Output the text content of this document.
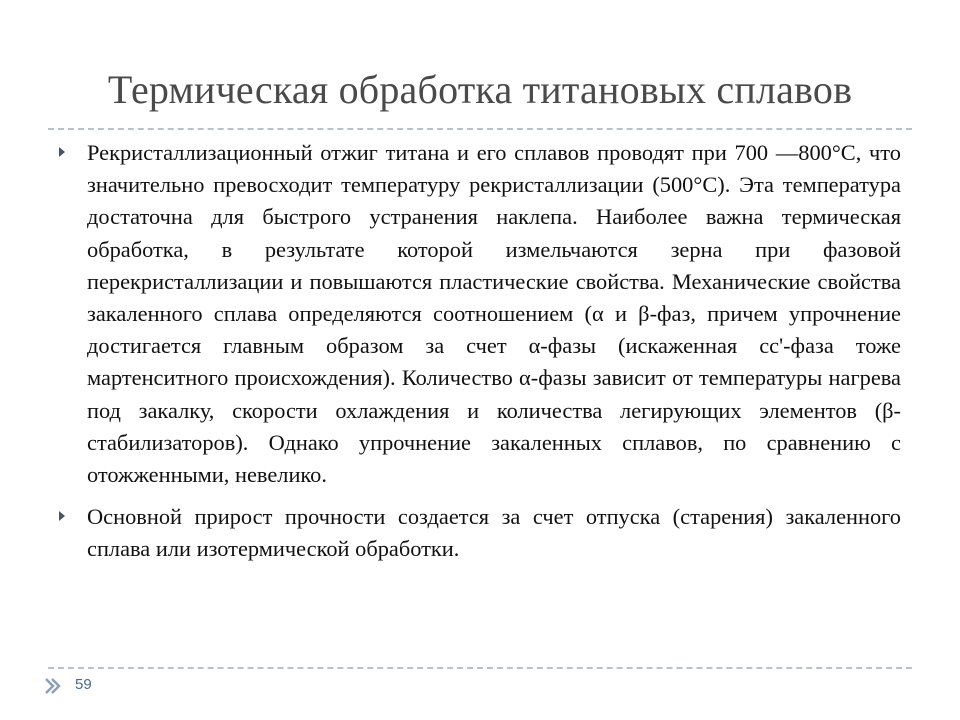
Термическая обработка титановых сплавов
Рекристаллизационный отжиг титана и его сплавов проводят при 700 —800°С, что значительно превосходит температуру рекристаллизации (500°С). Эта температура достаточна для быстрого устранения наклепа. Наиболее важна термическая обработка, в результате которой измельчаются зерна при фазовой перекристаллизации и повышаются пластические свойства. Механические свойства закаленного сплава определяются соотношением (α и β-фаз, причем упрочнение достигается главным образом за счет α-фазы (искаженная сс'-фаза тоже мартенситного происхождения). Количество α-фазы зависит от температуры нагрева под закалку, скорости охлаждения и количества легирующих элементов (β-стабилизаторов). Однако упрочнение закаленных сплавов, по сравнению с отожженными, невелико.
Основной прирост прочности создается за счет отпуска (старения) закаленного сплава или изотермической обработки.
59
